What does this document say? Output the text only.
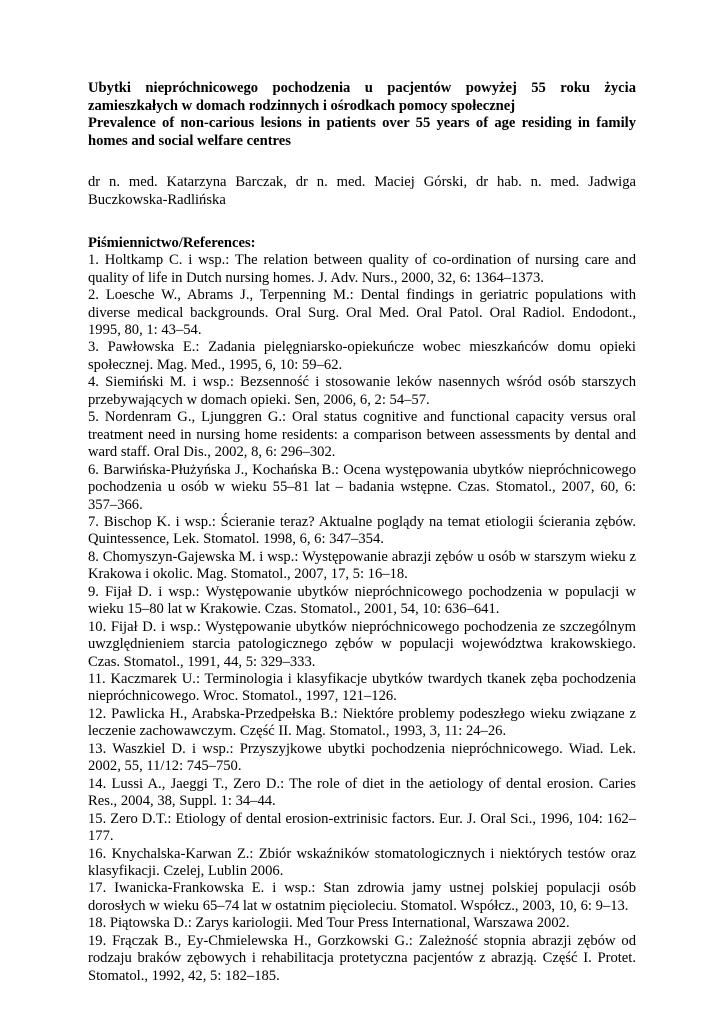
Ubytki niepróchnicowego pochodzenia u pacjentów powyżej 55 roku życia zamieszkałych w domach rodzinnych i ośrodkach pomocy społecznej
Prevalence of non-carious lesions in patients over 55 years of age residing in family homes and social welfare centres

dr n. med. Katarzyna Barczak, dr n. med. Maciej Górski, dr hab. n. med. Jadwiga Buczkowska-Radlińska

Piśmiennictwo/References:

1. Holtkamp C. i wsp.: The relation between quality of co-ordination of nursing care and quality of life in Dutch nursing homes. J. Adv. Nurs., 2000, 32, 6: 1364–1373.
2. Loesche W., Abrams J., Terpenning M.: Dental findings in geriatric populations with diverse medical backgrounds. Oral Surg. Oral Med. Oral Patol. Oral Radiol. Endodont., 1995, 80, 1: 43–54.
3. Pawłowska E.: Zadania pielęgniarsko-opiekuńcze wobec mieszkańców domu opieki społecznej. Mag. Med., 1995, 6, 10: 59–62.
4. Siemiński M. i wsp.: Bezsenność i stosowanie leków nasennych wśród osób starszych przebywających w domach opieki. Sen, 2006, 6, 2: 54–57.
5. Nordenram G., Ljunggren G.: Oral status cognitive and functional capacity versus oral treatment need in nursing home residents: a comparison between assessments by dental and ward staff. Oral Dis., 2002, 8, 6: 296–302.
6. Barwińska-Płużyńska J., Kochańska B.: Ocena występowania ubytków niepróchnicowego pochodzenia u osób w wieku 55–81 lat – badania wstępne. Czas. Stomatol., 2007, 60, 6: 357–366.
7. Bischop K. i wsp.: Ścieranie teraz? Aktualne poglądy na temat etiologii ścierania zębów. Quintessence, Lek. Stomatol. 1998, 6, 6: 347–354.
8. Chomyszyn-Gajewska M. i wsp.: Występowanie abrazji zębów u osób w starszym wieku z Krakowa i okolic. Mag. Stomatol., 2007, 17, 5: 16–18.
9. Fijał D. i wsp.: Występowanie ubytków niepróchnicowego pochodzenia w populacji w wieku 15–80 lat w Krakowie. Czas. Stomatol., 2001, 54, 10: 636–641.
10. Fijał D. i wsp.: Występowanie ubytków niepróchnicowego pochodzenia ze szczególnym uwzględnieniem starcia patologicznego zębów w populacji województwa krakowskiego. Czas. Stomatol., 1991, 44, 5: 329–333.
11. Kaczmarek U.: Terminologia i klasyfikacje ubytków twardych tkanek zęba pochodzenia niepróchnicowego. Wroc. Stomatol., 1997, 121–126.
12. Pawlicka H., Arabska-Przedpełska B.: Niektóre problemy podeszłego wieku związane z leczenie zachowawczym. Część II. Mag. Stomatol., 1993, 3, 11: 24–26.
13. Waszkiel D. i wsp.: Przyszyjkowe ubytki pochodzenia niepróchnicowego. Wiad. Lek. 2002, 55, 11/12: 745–750.
14. Lussi A., Jaeggi T., Zero D.: The role of diet in the aetiology of dental erosion. Caries Res., 2004, 38, Suppl. 1: 34–44.
15. Zero D.T.: Etiology of dental erosion-extrinisic factors. Eur. J. Oral Sci., 1996, 104: 162–177.
16. Knychalska-Karwan Z.: Zbiór wskaźników stomatologicznych i niektórych testów oraz klasyfikacji. Czelej, Lublin 2006.
17. Iwanicka-Frankowska E. i wsp.: Stan zdrowia jamy ustnej polskiej populacji osób dorosłych w wieku 65–74 lat w ostatnim pięcioleciu. Stomatol. Współcz., 2003, 10, 6: 9–13.
18. Piątowska D.: Zarys kariologii. Med Tour Press International, Warszawa 2002.
19. Frączak B., Ey-Chmielewska H., Gorzkowski G.: Zależność stopnia abrazji zębów od rodzaju braków zębowych i rehabilitacja protetyczna pacjentów z abrazją. Część I. Protet. Stomatol., 1992, 42, 5: 182–185.
